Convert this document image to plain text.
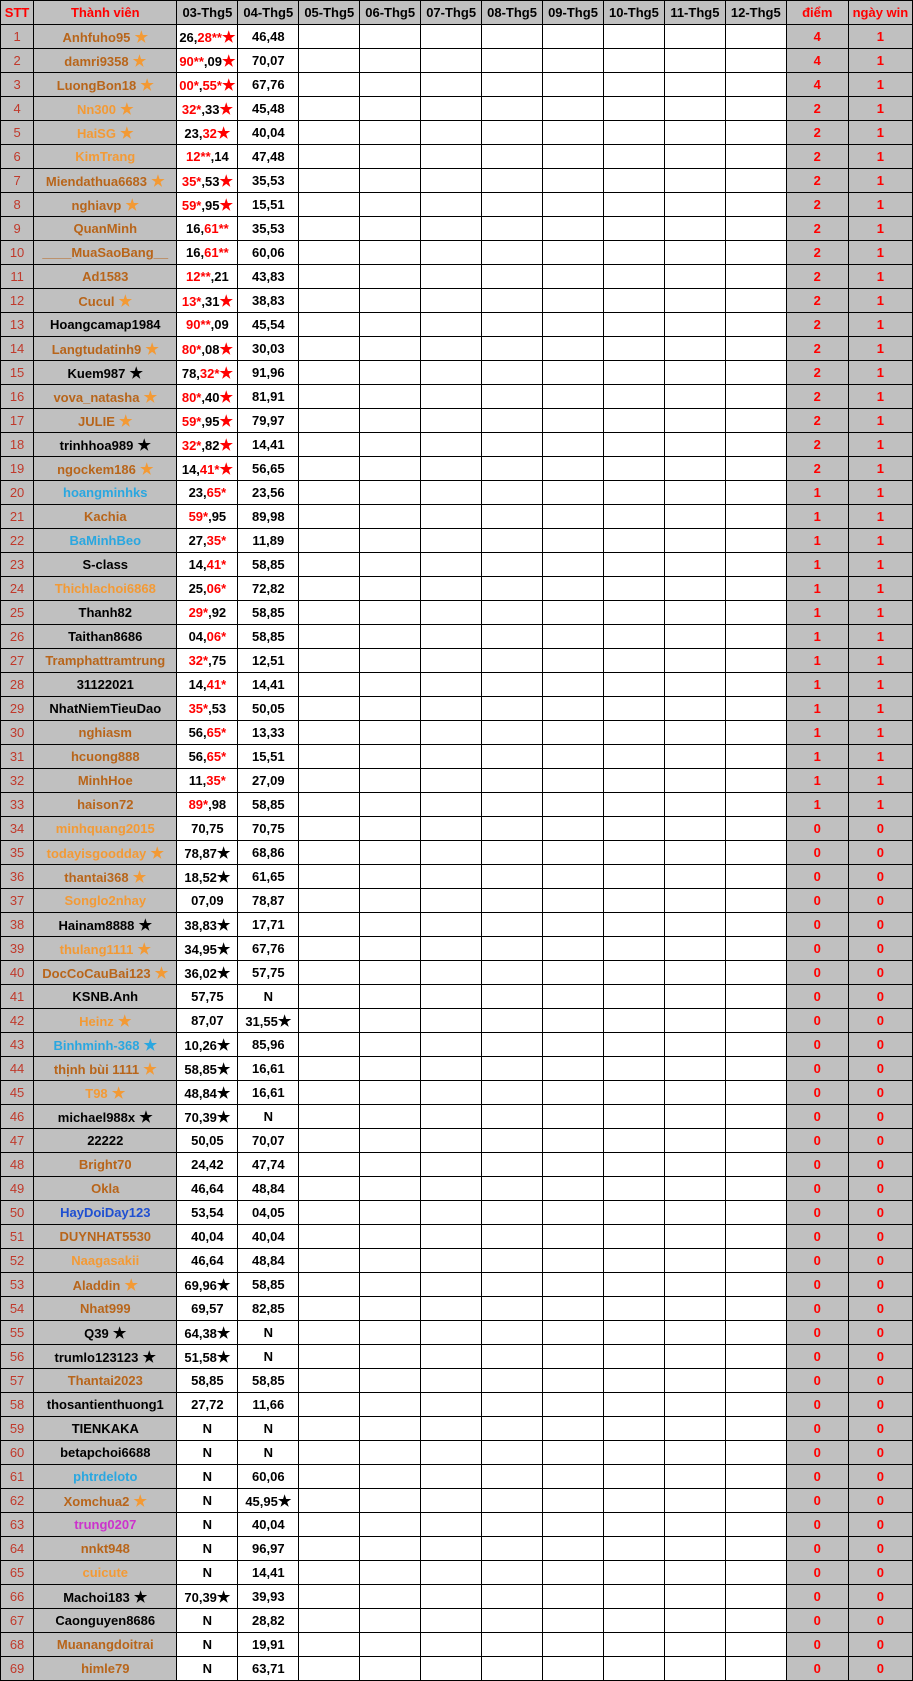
STT	Thành viên	03-Thg5	04-Thg5	05-Thg5	06-Thg5	07-Thg5	08-Thg5	09-Thg5	10-Thg5	11-Thg5	12-Thg5	điểm	ngày win
1	Anhfuho95 ★	26,28**★	46,48									4	1
2	damri9358 ★	90**,09★	70,07									4	1
3	LuongBon18 ★	00*,55*★	67,76									4	1
4	Nn300 ★	32*,33★	45,48									2	1
5	HaiSG ★	23,32★	40,04									2	1
6	KimTrang	12**,14	47,48									2	1
7	Miendathua6683 ★	35*,53★	35,53									2	1
8	nghiavp ★	59*,95★	15,51									2	1
9	QuanMinh	16,61**	35,53									2	1
10	____MuaSaoBang__	16,61**	60,06									2	1
11	Ad1583	12**,21	43,83									2	1
12	Cucul ★	13*,31★	38,83									2	1
13	Hoangcamap1984	90**,09	45,54									2	1
14	Langtudatinh9 ★	80*,08★	30,03									2	1
15	Kuem987 ★	78,32*★	91,96									2	1
16	vova_natasha ★	80*,40★	81,91									2	1
17	JULIE ★	59*,95★	79,97									2	1
18	trinhhoa989 ★	32*,82★	14,41									2	1
19	ngockem186 ★	14,41*★	56,65									2	1
20	hoangminhks	23,65*	23,56									1	1
21	Kachia	59*,95	89,98									1	1
22	BaMinhBeo	27,35*	11,89									1	1
23	S-class	14,41*	58,85									1	1
24	Thichlachoi6868	25,06*	72,82									1	1
25	Thanh82	29*,92	58,85									1	1
26	Taithan8686	04,06*	58,85									1	1
27	Tramphattramtrung	32*,75	12,51									1	1
28	31122021	14,41*	14,41									1	1
29	NhatNiemTieuDao	35*,53	50,05									1	1
30	nghiasm	56,65*	13,33									1	1
31	hcuong888	56,65*	15,51									1	1
32	MinhHoe	11,35*	27,09									1	1
33	haison72	89*,98	58,85									1	1
34	minhquang2015	70,75	70,75									0	0
35	todayisgoodday ★	78,87★	68,86									0	0
36	thantai368 ★	18,52★	61,65									0	0
37	Songlo2nhay	07,09	78,87									0	0
38	Hainam8888 ★	38,83★	17,71									0	0
39	thulang1111 ★	34,95★	67,76									0	0
40	DocCoCauBai123 ★	36,02★	57,75									0	0
41	KSNB.Anh	57,75	N									0	0
42	Heinz ★	87,07	31,55★									0	0
43	Binhminh-368 ★	10,26★	85,96									0	0
44	thịnh bùi 1111 ★	58,85★	16,61									0	0
45	T98 ★	48,84★	16,61									0	0
46	michael988x ★	70,39★	N									0	0
47	22222	50,05	70,07									0	0
48	Bright70	24,42	47,74									0	0
49	Okla	46,64	48,84									0	0
50	HayDoiDay123	53,54	04,05									0	0
51	DUYNHAT5530	40,04	40,04									0	0
52	Naagasakii	46,64	48,84									0	0
53	Aladdin ★	69,96★	58,85									0	0
54	Nhat999	69,57	82,85									0	0
55	Q39 ★	64,38★	N									0	0
56	trumlo123123 ★	51,58★	N									0	0
57	Thantai2023	58,85	58,85									0	0
58	thosantienthuong1	27,72	11,66									0	0
59	TIENKAKA	N	N									0	0
60	betapchoi6688	N	N									0	0
61	phtrdeloto	N	60,06									0	0
62	Xomchua2 ★	N	45,95★									0	0
63	trung0207	N	40,04									0	0
64	nnkt948	N	96,97									0	0
65	cuicute	N	14,41									0	0
66	Machoi183 ★	70,39★	39,93									0	0
67	Caonguyen8686	N	28,82									0	0
68	Muanangdoitrai	N	19,91									0	0
69	himle79	N	63,71									0	0
